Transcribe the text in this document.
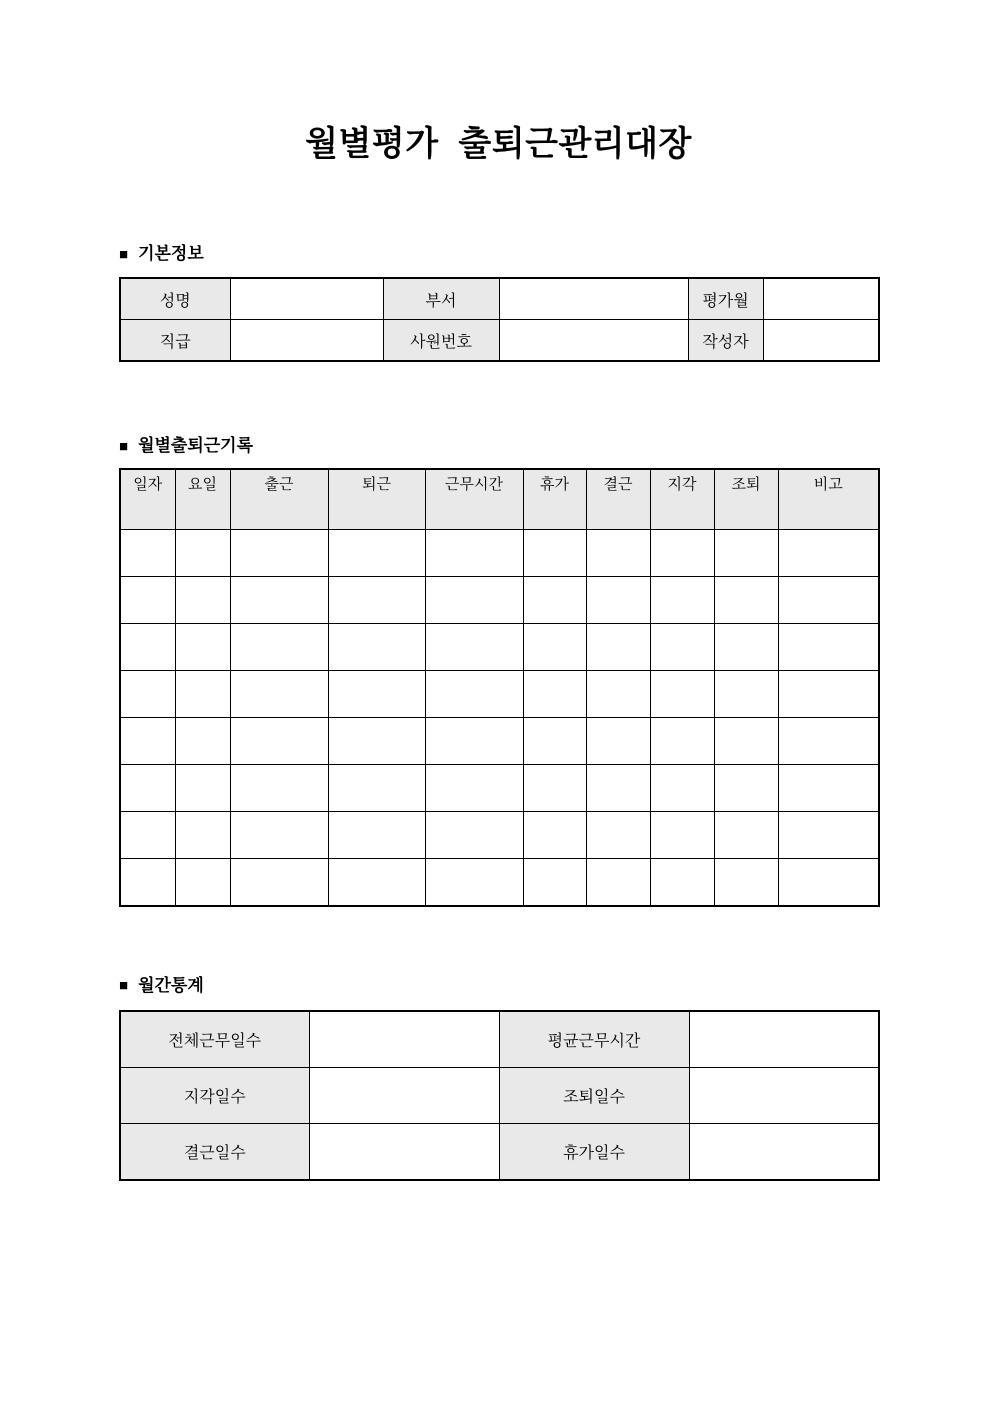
월별평가  출퇴근관리대장
■ 기본정보
성명		부서		평가월	
직급		사원번호		작성자	
■ 월별출퇴근기록
일자	요일	출근	퇴근	근무시간	휴가	결근	지각	조퇴	비고

■ 월간통계
전체근무일수		평균근무시간	
지각일수		조퇴일수	
결근일수		휴가일수	
